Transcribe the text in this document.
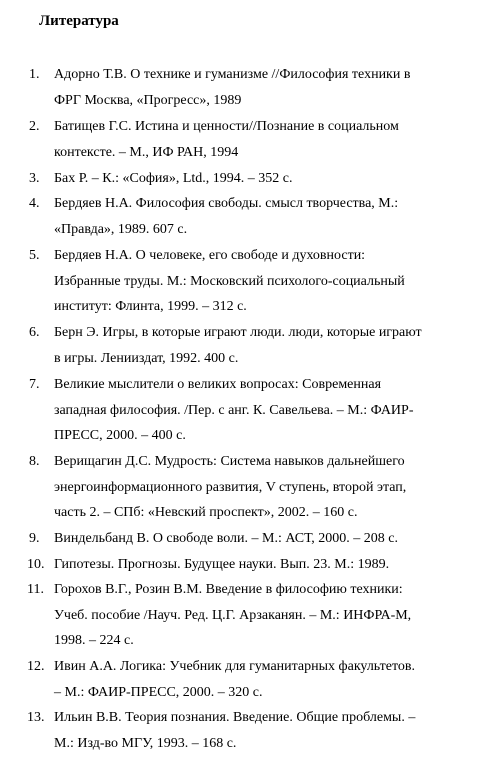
Литература
1. Адорно Т.В. О технике и гуманизме //Философия техники в
ФРГ Москва, «Прогресс», 1989
2. Батищев Г.С. Истина и ценности//Познание в социальном
контексте. – М., ИФ РАН, 1994
3. Бах Р. – К.: «София», Ltd., 1994. – 352 с.
4. Бердяев Н.А. Философия свободы. смысл творчества, М.:
«Правда», 1989. 607 с.
5. Бердяев Н.А. О человеке, его свободе и духовности:
Избранные труды. М.: Московский психолого-социальный
институт: Флинта, 1999. – 312 с.
6. Берн Э. Игры, в которые играют люди. люди, которые играют
в игры. Ленииздат, 1992. 400 с.
7. Великие мыслители о великих вопросах: Современная
западная философия. /Пер. с анг. К. Савельева. – М.: ФАИР-
ПРЕСС, 2000. – 400 с.
8. Верищагин Д.С. Мудрость: Система навыков дальнейшего
энергоинформационного развития, V ступень, второй этап,
часть 2. – СПб: «Невский проспект», 2002. – 160 с.
9. Виндельбанд В. О свободе воли. – М.: АСТ, 2000. – 208 с.
10. Гипотезы. Прогнозы. Будущее науки. Вып. 23. М.: 1989.
11. Горохов В.Г., Розин В.М. Введение в философию техники:
Учеб. пособие /Науч. Ред. Ц.Г. Арзаканян. – М.: ИНФРА-М,
1998. – 224 с.
12. Ивин А.А. Логика: Учебник для гуманитарных факультетов.
– М.: ФАИР-ПРЕСС, 2000. – 320 с.
13. Ильин В.В. Теория познания. Введение. Общие проблемы. –
М.: Изд-во МГУ, 1993. – 168 с.
